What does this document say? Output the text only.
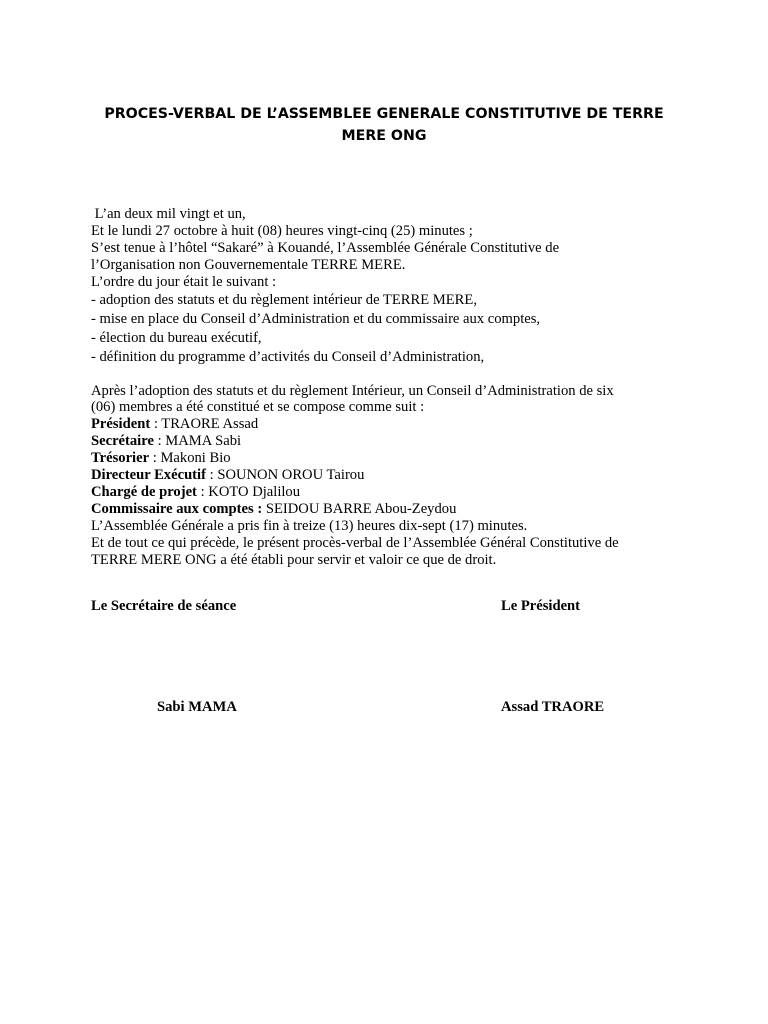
PROCES-VERBAL DE L’ASSEMBLEE GENERALE CONSTITUTIVE DE TERRE MERE ONG
L’an deux mil vingt et un,
Et le lundi 27 octobre à huit (08) heures vingt-cinq (25) minutes ;
S’est tenue à l’hôtel “Sakaré” à Kouandé, l’Assemblée Générale Constitutive de
l’Organisation non Gouvernementale TERRE MERE.
L’ordre du jour était le suivant :
- adoption des statuts et du règlement intérieur de TERRE MERE,
- mise en place du Conseil d’Administration et du commissaire aux comptes,
- élection du bureau exécutif,
- définition du programme d’activités du Conseil d’Administration,
Après l’adoption des statuts et du règlement Intérieur, un Conseil d’Administration de six
(06) membres a été constitué et se compose comme suit :
Président : TRAORE Assad
Secrétaire : MAMA Sabi
Trésorier : Makoni Bio
Directeur Exécutif : SOUNON OROU Tairou
Chargé de projet : KOTO Djalilou
Commissaire aux comptes : SEIDOU BARRE Abou-Zeydou
L’Assemblée Générale a pris fin à treize (13) heures dix-sept (17) minutes.
Et de tout ce qui précède, le présent procès-verbal de l’Assemblée Général Constitutive de
TERRE MERE ONG a été établi pour servir et valoir ce que de droit.
Le Secrétaire de séance	Le Président
Sabi MAMA	Assad TRAORE
